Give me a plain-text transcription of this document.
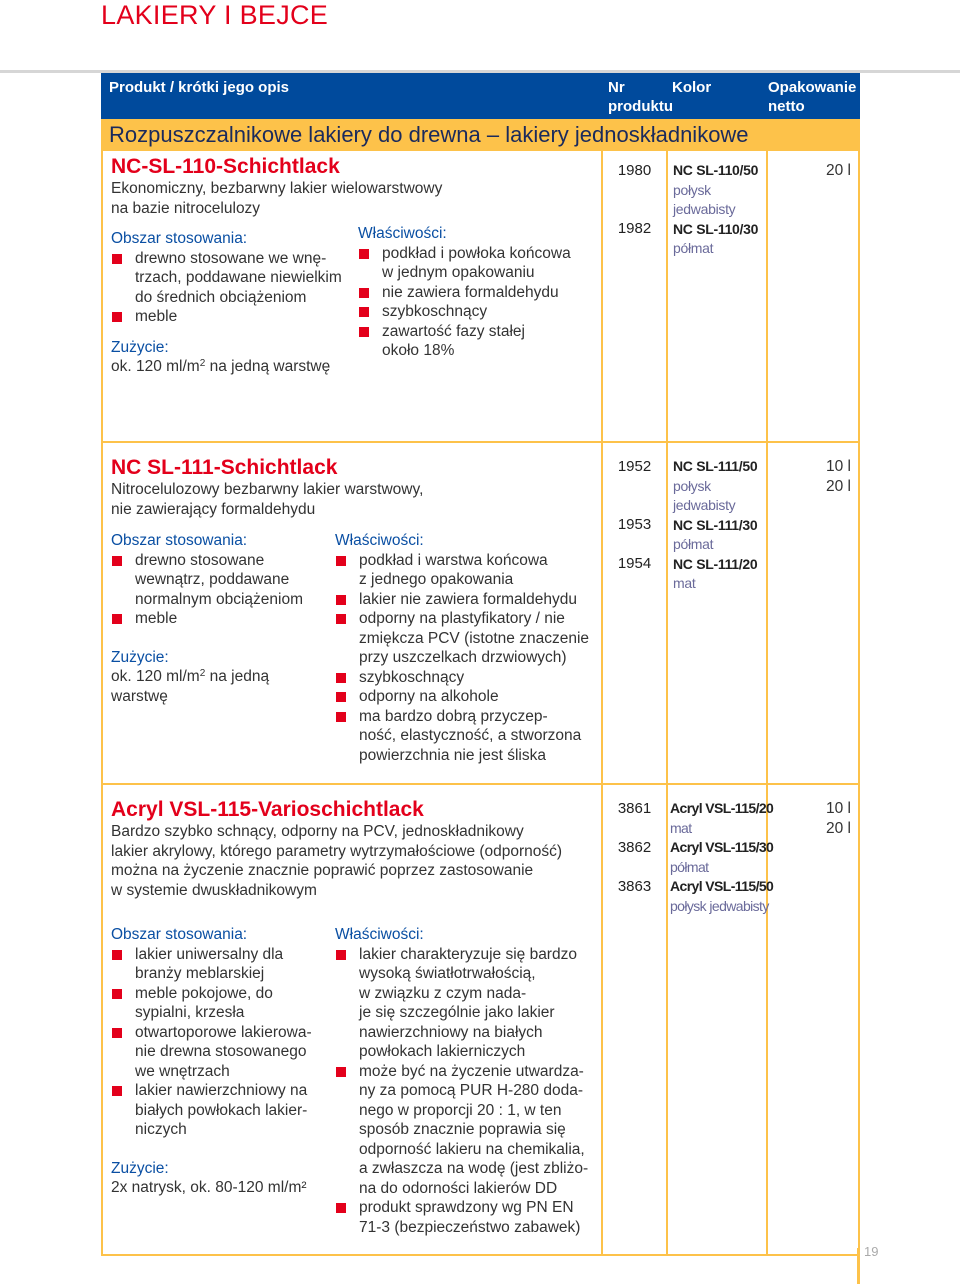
LAKIERY I BEJCE
Produkt / krótki jego opis	Nr
produktu
Kolor	Opakowanie
netto
Rozpuszczalnikowe lakiery do drewna – lakiery jednoskładnikowe
NC-SL-110-Schichtlack
Ekonomiczny, bezbarwny lakier wielowarstwowy
na bazie nitrocelulozy
Obszar stosowania:
drewno stosowane we wnę-
trzach, poddawane niewielkim
do średnich obciążeniom
meble
Zużycie:
ok. 120 $ml/m^2$ na jedną warstwę
Właściwości:
podkład i powłoka końcowa
w jednym opakowaniu
nie zawiera formaldehydu
szybkoschnący
zawartość fazy stałej
około 18%
1980
1982
NC SL-110/50
połysk
jedwabisty
NC SL-110/30
półmat
20 l
NC SL-111-Schichtlack
Nitrocelulozowy bezbarwny lakier warstwowy,
nie zawierający formaldehydu
Obszar stosowania:
drewno stosowane
wewnątrz, poddawane
normalnym obciążeniom
meble
Zużycie:
ok. 120 $ml/m^2$ na jedną
warstwę
Właściwości:
podkład i warstwa końcowa
z jednego opakowania
lakier nie zawiera formaldehydu
odporny na plastyfikatory / nie
zmiękcza PCV (istotne znaczenie
przy uszczelkach drzwiowych)
szybkoschnący
odporny na alkohole
ma bardzo dobrą przyczep-
ność, elastyczność, a stworzona
powierzchnia nie jest śliska
1952
1953
1954
NC SL-111/50
połysk
jedwabisty
NC SL-111/30
półmat
NC SL-111/20
mat
10 l
20 l
Acryl VSL-115-Varioschichtlack
Bardzo szybko schnący, odporny na PCV, jednoskładnikowy
lakier akrylowy, którego parametry wytrzymałościowe (odporność)
można na życzenie znacznie poprawić poprzez zastosowanie
w systemie dwuskładnikowym
Obszar stosowania:
lakier uniwersalny dla
branży meblarskiej
meble pokojowe, do
sypialni, krzesła
otwartoporowe lakierowa-
nie drewna stosowanego
we wnętrzach
lakier nawierzchniowy na
białych powłokach lakier-
niczych
Zużycie:
2x natrysk, ok. 80-120 ml/m²
Właściwości:
lakier charakteryzuje się bardzo
wysoką światłotrwałością,
w związku z czym nada-
je się szczególnie jako lakier
nawierzchniowy na białych
powłokach lakierniczych
może być na życzenie utwardza-
ny za pomocą PUR H-280 doda-
nego w proporcji 20 : 1, w ten
sposób znacznie poprawia się
odporność lakieru na chemikalia,
a zwłaszcza na wodę (jest zbliżo-
na do odorności lakierów DD
produkt sprawdzony wg PN EN
71-3 (bezpieczeństwo zabawek)
3861
3862
3863
Acryl VSL-115/20
mat
Acryl VSL-115/30
półmat
Acryl VSL-115/50
połysk jedwabisty
10 l
20 l
19
